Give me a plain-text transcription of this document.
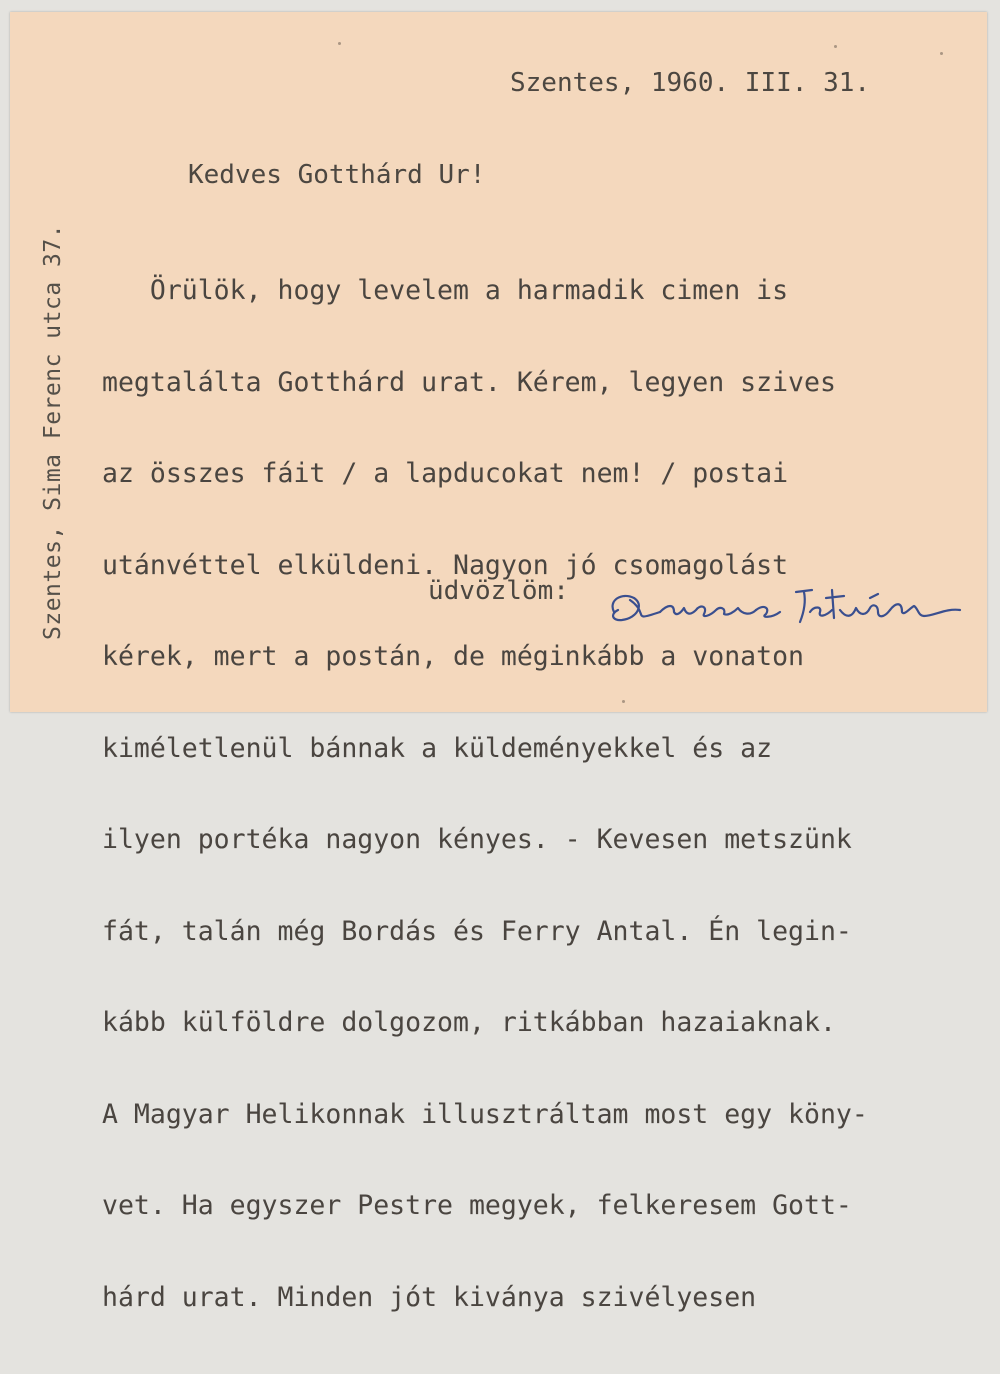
Szentes, Sima Ferenc utca 37.
Szentes, 1960. III. 31.
Kedves Gotthárd Ur!

Örülök, hogy levelem a harmadik cimen is

megtalálta Gotthárd urat. Kérem, legyen szives

az összes fáit / a lapducokat nem! / postai

utánvéttel elküldeni. Nagyon jó csomagolást

kérek, mert a postán, de méginkább a vonaton

kiméletlenül bánnak a küldeményekkel és az

ilyen portéka nagyon kényes. - Kevesen metszünk

fát, talán még Bordás és Ferry Antal. Én legin-

kább külföldre dolgozom, ritkábban hazaiaknak.

A Magyar Helikonnak illusztráltam most egy köny-

vet. Ha egyszer Pestre megyek, felkeresem Gott-

hárd urat. Minden jót kiványa szivélyesen

üdvözlöm:
